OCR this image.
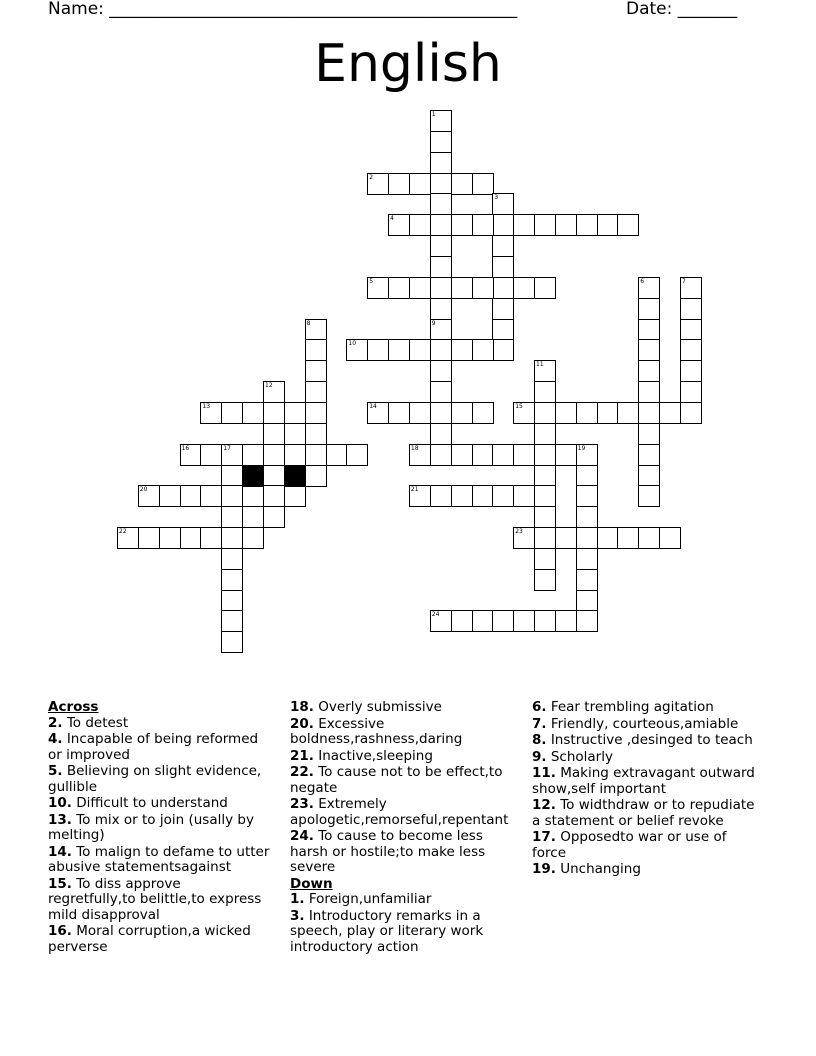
Name: ________________________________________________	Date: _______
English
1
9
2
3
4
5	6	7
8
10
11
12
13	14	15
16	17	18	19
20	21
22	23
24
Across
2. To detest
4. Incapable of being reformed or improved
5. Believing on slight evidence, gullible
10. Difficult to understand
13. To mix or to join (usally by melting)
14. To malign to defame to utter abusive statementsagainst
15. To diss approve regretfully,to belittle,to express mild disapproval
16. Moral corruption,a wicked perverse
18. Overly submissive
20. Excessive boldness,rashness,daring
21. Inactive,sleeping
22. To cause not to be effect,to negate
23. Extremely apologetic,remorseful,repentant
24. To cause to become less harsh or hostile;to make less severe
Down
1. Foreign,unfamiliar
3. Introductory remarks in a speech, play or literary work introductory action
6. Fear trembling agitation
7. Friendly, courteous,amiable
8. Instructive ,desinged to teach
9. Scholarly
11. Making extravagant outward show,self important
12. To widthdraw or to repudiate a statement or belief revoke
17. Opposedto war or use of force
19. Unchanging
